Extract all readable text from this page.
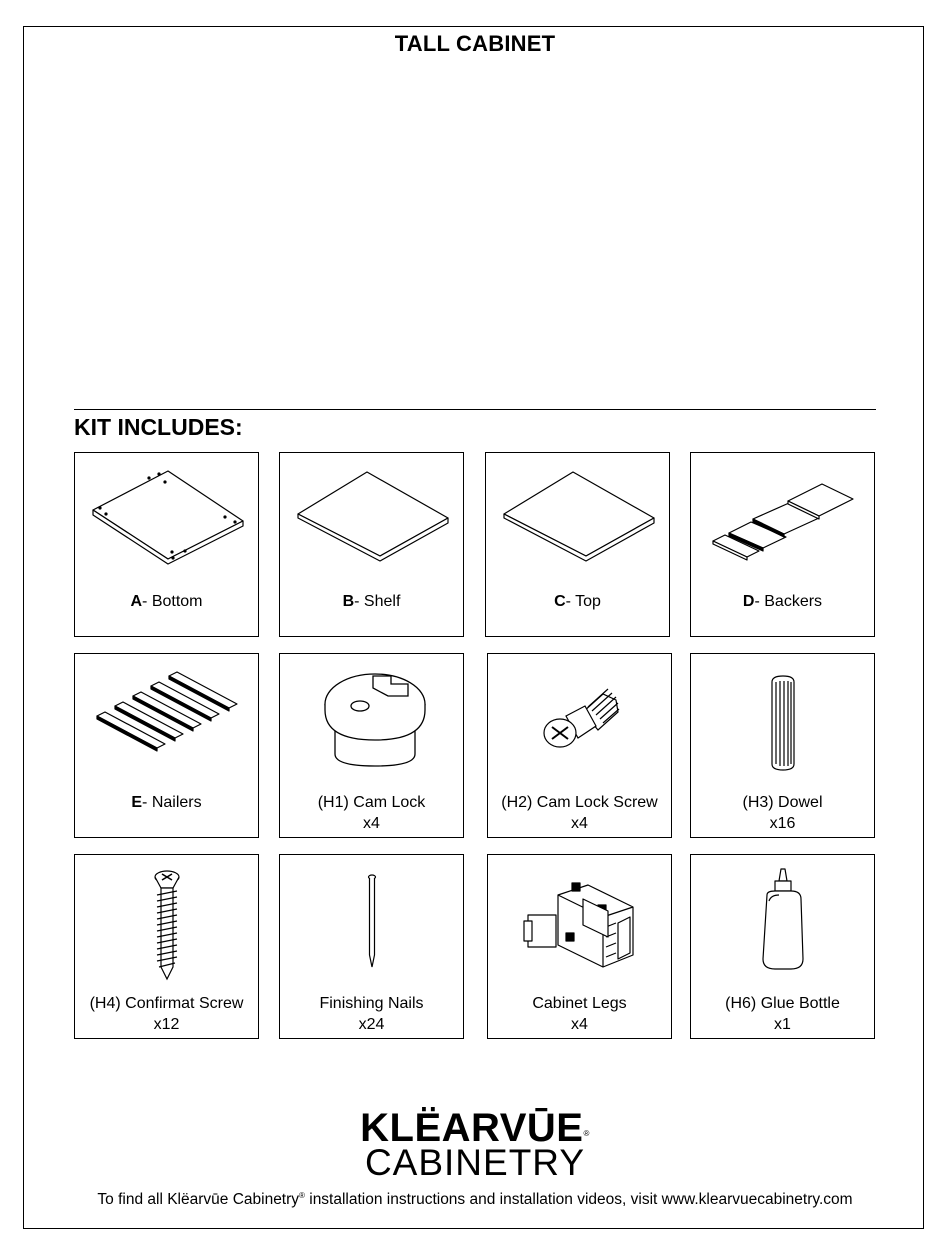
TALL CABINET
KIT INCLUDES:
A- Bottom	B- Shelf	C- Top	D- Backers
E- Nailers	(H1) Cam Lock
x4
(H2) Cam Lock Screw
x4
(H3) Dowel
x16
(H4) Confirmat Screw
x12
Finishing Nails
x24
Cabinet Legs
x4
(H6) Glue Bottle
x1
KLËARVŪE®
CABINETRY
To find all Klëarvūe Cabinetry® installation instructions and installation videos, visit www.klearvuecabinetry.com
